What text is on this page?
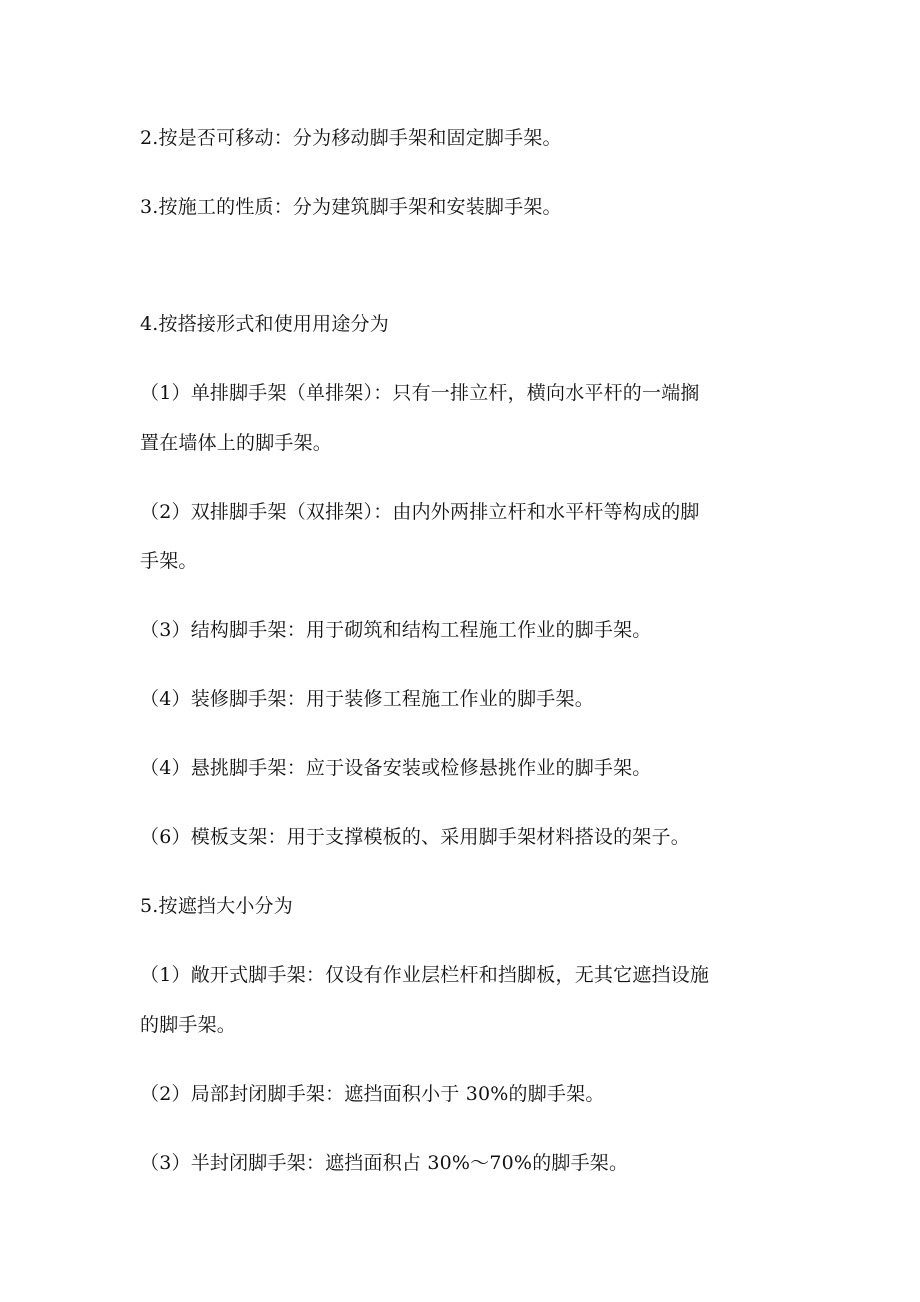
2.按是否可移动：分为移动脚手架和固定脚手架。
3.按施工的性质：分为建筑脚手架和安装脚手架。
4.按搭接形式和使用用途分为
（1）单排脚手架（单排架）：只有一排立杆，横向水平杆的一端搁
置在墙体上的脚手架。
（2）双排脚手架（双排架）：由内外两排立杆和水平杆等构成的脚
手架。
（3）结构脚手架：用于砌筑和结构工程施工作业的脚手架。
（4）装修脚手架：用于装修工程施工作业的脚手架。
（4）悬挑脚手架：应于设备安装或检修悬挑作业的脚手架。
（6）模板支架：用于支撑模板的、采用脚手架材料搭设的架子。
5.按遮挡大小分为
（1）敞开式脚手架：仅设有作业层栏杆和挡脚板，无其它遮挡设施
的脚手架。
（2）局部封闭脚手架：遮挡面积小于 30%的脚手架。
（3）半封闭脚手架：遮挡面积占 30%～70%的脚手架。
